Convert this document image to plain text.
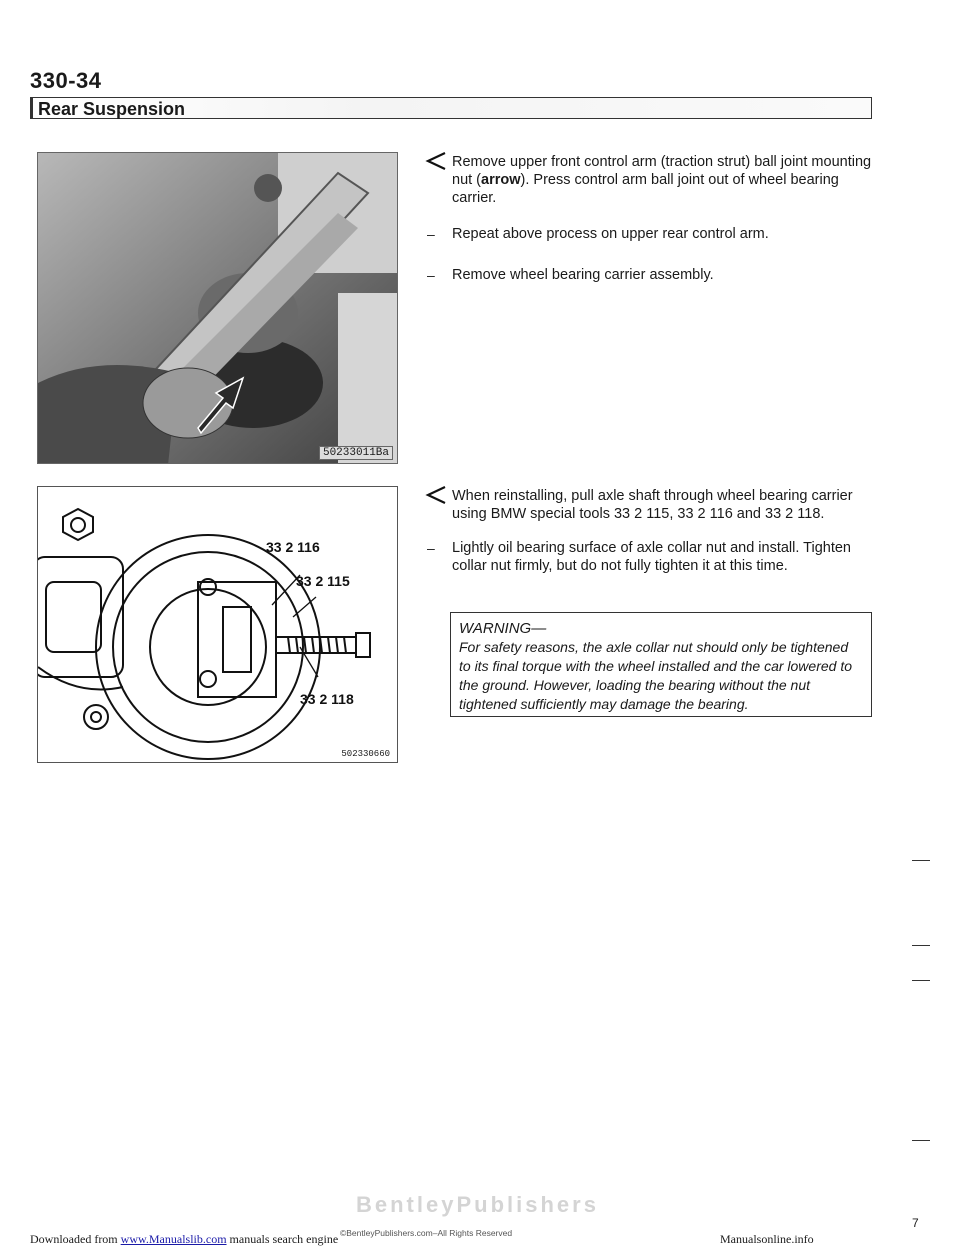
330-34
Rear Suspension
50233011Ba
33 2 116
33 2 115
33 2 118
502330660

Remove upper front control arm (traction strut) ball joint mounting nut (arrow). Press control arm ball joint out of wheel bearing carrier.

– Repeat above process on upper rear control arm.

– Remove wheel bearing carrier assembly.

When reinstalling, pull axle shaft through wheel bearing carrier using BMW special tools 33 2 115, 33 2 116 and 33 2 118.

– Lightly oil bearing surface of axle collar nut and install. Tighten collar nut firmly, but do not fully tighten it at this time.

WARNING—
For safety reasons, the axle collar nut should only be tightened to its final torque with the wheel installed and the car lowered to the ground. However, loading the bearing without the nut tightened sufficiently may damage the bearing.
BentleyPublishers
©BentleyPublishers.com–All Rights Reserved
7
Downloaded from www.Manualslib.com manuals search engine	Manualsonline.info
